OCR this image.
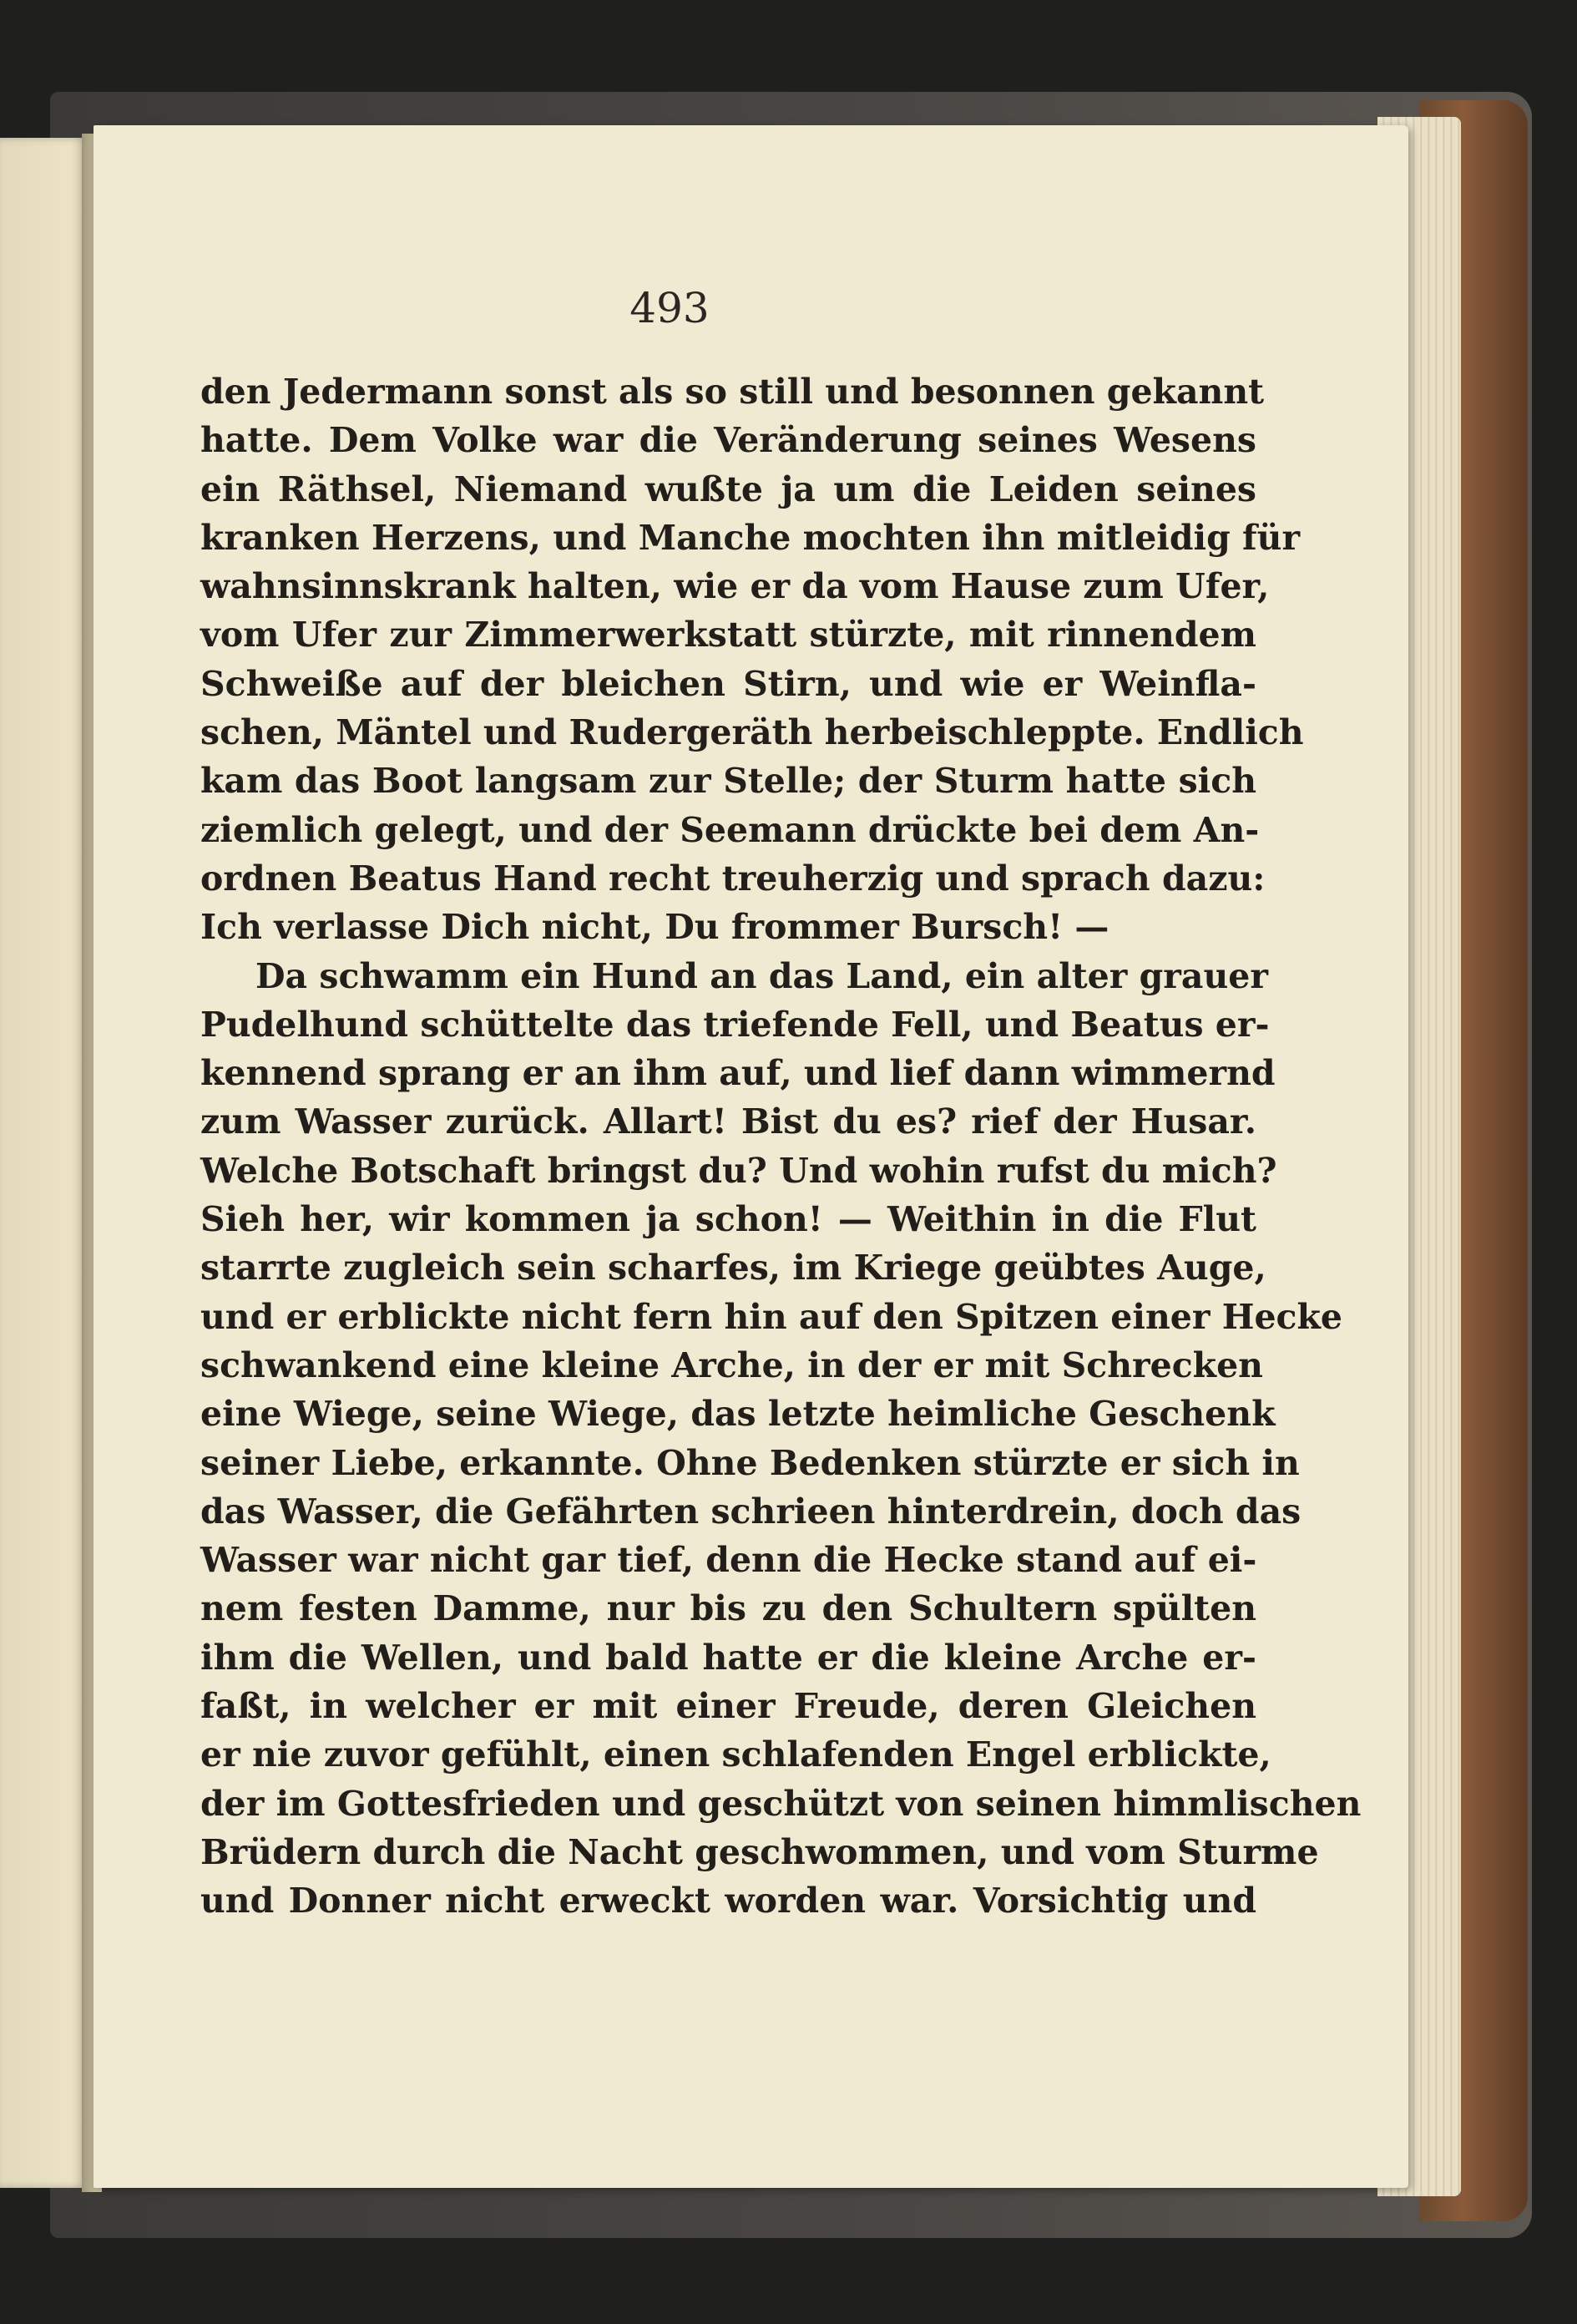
493
den Jedermann sonst als so still und besonnen gekannt
hatte. Dem Volke war die Veränderung seines Wesens
ein Räthsel, Niemand wußte ja um die Leiden seines
kranken Herzens, und Manche mochten ihn mitleidig für
wahnsinnskrank halten, wie er da vom Hause zum Ufer,
vom Ufer zur Zimmerwerkstatt stürzte, mit rinnendem
Schweiße auf der bleichen Stirn, und wie er Weinfla-
schen, Mäntel und Rudergeräth herbeischleppte. Endlich
kam das Boot langsam zur Stelle; der Sturm hatte sich
ziemlich gelegt, und der Seemann drückte bei dem An-
ordnen Beatus Hand recht treuherzig und sprach dazu:
Ich verlasse Dich nicht, Du frommer Bursch! —
Da schwamm ein Hund an das Land, ein alter grauer
Pudelhund schüttelte das triefende Fell, und Beatus er-
kennend sprang er an ihm auf, und lief dann wimmernd
zum Wasser zurück. Allart! Bist du es? rief der Husar.
Welche Botschaft bringst du? Und wohin rufst du mich?
Sieh her, wir kommen ja schon! — Weithin in die Flut
starrte zugleich sein scharfes, im Kriege geübtes Auge,
und er erblickte nicht fern hin auf den Spitzen einer Hecke
schwankend eine kleine Arche, in der er mit Schrecken
eine Wiege, seine Wiege, das letzte heimliche Geschenk
seiner Liebe, erkannte. Ohne Bedenken stürzte er sich in
das Wasser, die Gefährten schrieen hinterdrein, doch das
Wasser war nicht gar tief, denn die Hecke stand auf ei-
nem festen Damme, nur bis zu den Schultern spülten
ihm die Wellen, und bald hatte er die kleine Arche er-
faßt, in welcher er mit einer Freude, deren Gleichen
er nie zuvor gefühlt, einen schlafenden Engel erblickte,
der im Gottesfrieden und geschützt von seinen himmlischen
Brüdern durch die Nacht geschwommen, und vom Sturme
und Donner nicht erweckt worden war. Vorsichtig und
